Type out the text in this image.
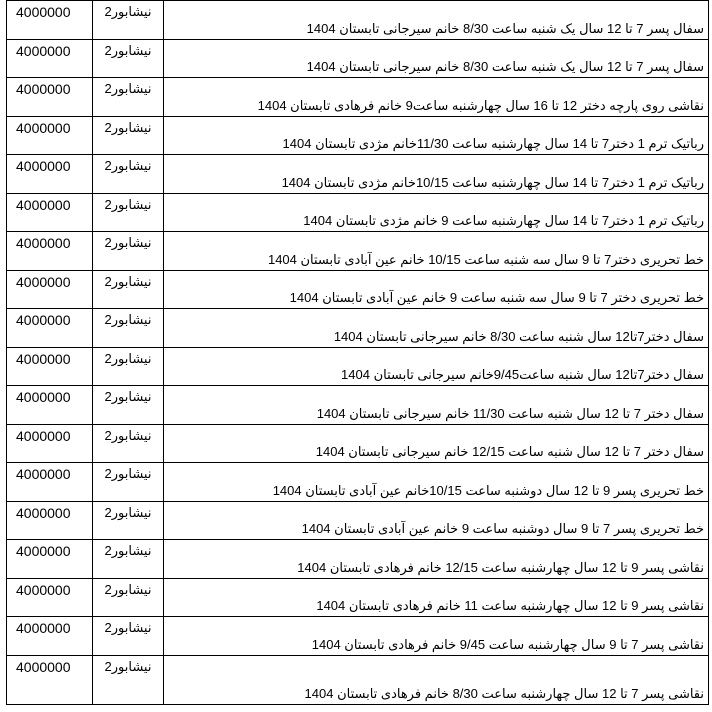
4000000	نیشابور2	سفال پسر 7 تا 12 سال یک شنبه ساعت 8/30 خانم سیرجانی تابستان 1404
4000000	نیشابور2	سفال پسر 7 تا 12 سال یک شنبه ساعت 8/30 خانم سیرجانی تابستان 1404
4000000	نیشابور2	نقاشی روی پارچه دختر 12 تا 16 سال چهارشنبه ساعت9 خانم فرهادی تابستان 1404
4000000	نیشابور2	رباتیک ترم 1 دختر7 تا 14 سال چهارشنبه ساعت 11/30خانم مژدی تابستان 1404
4000000	نیشابور2	رباتیک ترم 1 دختر7 تا 14 سال چهارشنبه ساعت 10/15خانم مژدی تابستان 1404
4000000	نیشابور2	رباتیک ترم 1 دختر7 تا 14 سال چهارشنبه ساعت 9 خانم مژدی تابستان 1404
4000000	نیشابور2	خط تحریری دختر7 تا 9 سال سه شنبه ساعت 10/15 خانم عین آبادی تابستان 1404
4000000	نیشابور2	خط تحریری دختر 7 تا 9 سال سه شنبه ساعت 9 خانم عین آبادی تابستان 1404
4000000	نیشابور2	سفال دختر7تا12 سال شنبه ساعت 8/30 خانم سیرجانی تابستان 1404
4000000	نیشابور2	سفال دختر7تا12 سال شنبه ساعت9/45خانم سیرجانی تابستان 1404
4000000	نیشابور2	سفال دختر 7 تا 12 سال شنبه ساعت 11/30 خانم سیرجانی تابستان 1404
4000000	نیشابور2	سفال دختر 7 تا 12 سال شنبه ساعت 12/15 خانم سیرجانی تابستان 1404
4000000	نیشابور2	خط تحریری پسر 9 تا 12 سال دوشنبه ساعت 10/15خانم عین آبادی تابستان 1404
4000000	نیشابور2	خط تحریری پسر 7 تا 9 سال دوشنبه ساعت 9 خانم عین آبادی تابستان 1404
4000000	نیشابور2	نقاشی پسر 9 تا 12 سال چهارشنبه ساعت 12/15 خانم فرهادی تابستان 1404
4000000	نیشابور2	نقاشی پسر 9 تا 12 سال چهارشنبه ساعت 11 خانم فرهادی تابستان 1404
4000000	نیشابور2	نقاشی پسر 7 تا 9 سال چهارشنبه ساعت 9/45 خانم فرهادی تابستان 1404
4000000	نیشابور2	نقاشی پسر 7 تا 12 سال چهارشنبه ساعت 8/30 خانم فرهادی تابستان 1404
